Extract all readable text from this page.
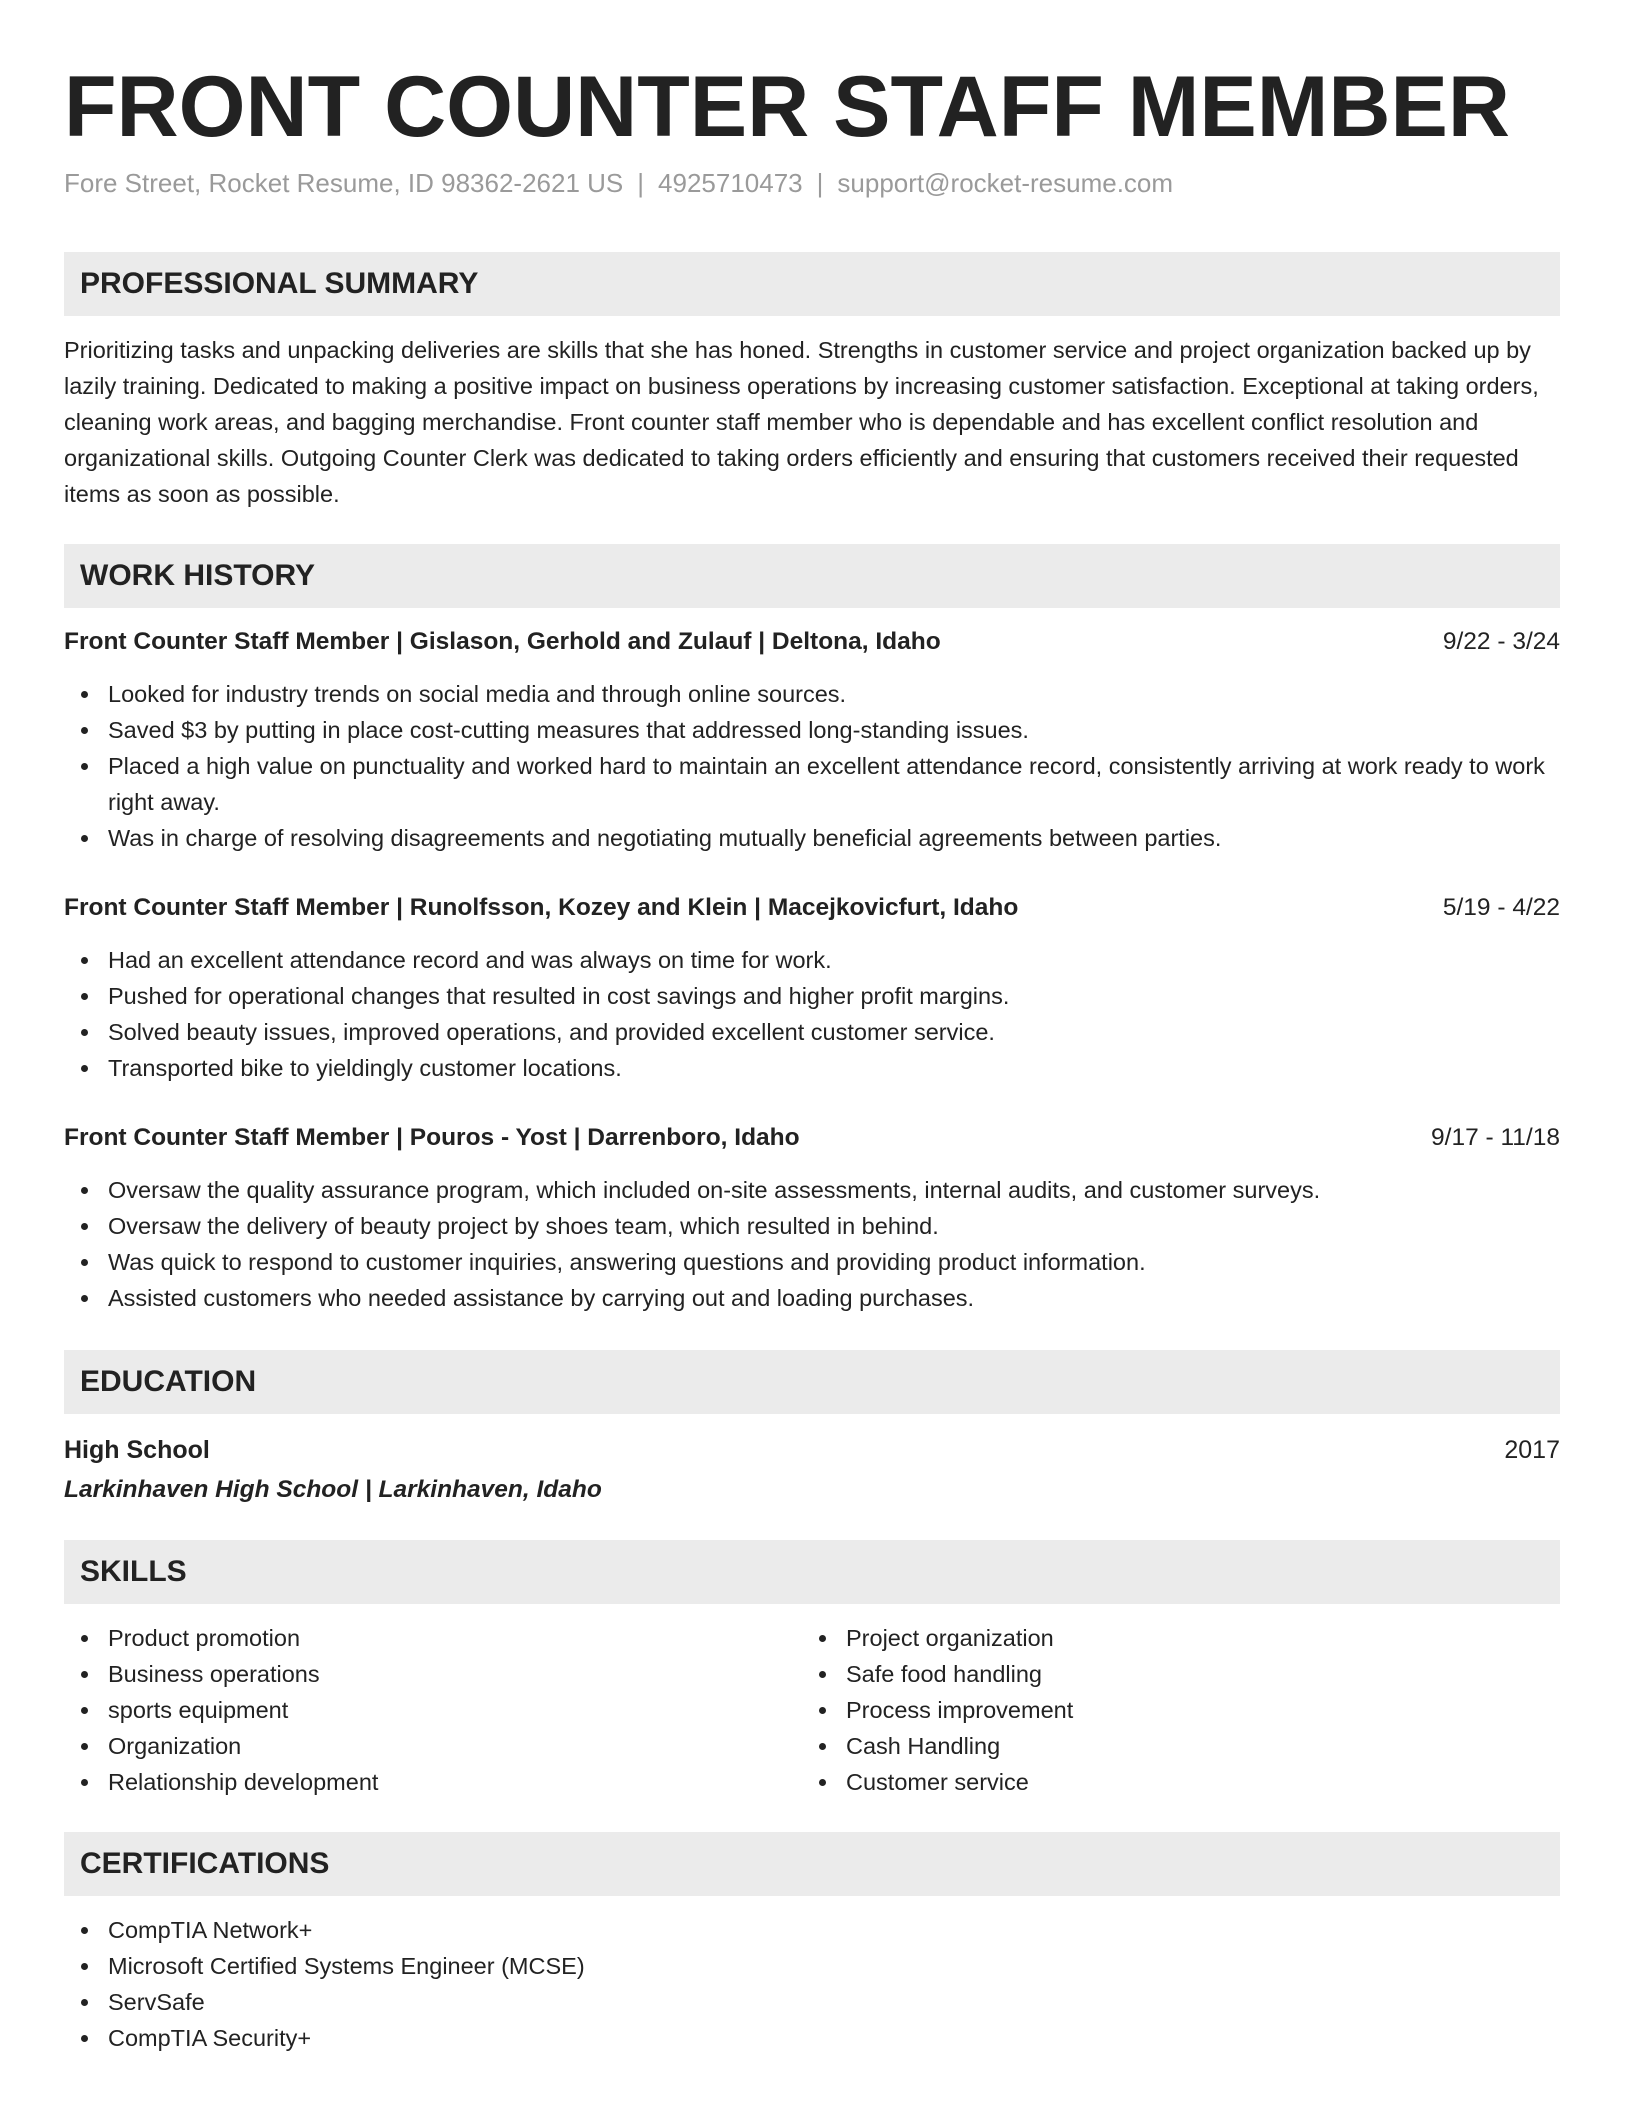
FRONT COUNTER STAFF MEMBER
Fore Street, Rocket Resume, ID 98362-2621 US | 4925710473 | support@rocket-resume.com
PROFESSIONAL SUMMARY

Prioritizing tasks and unpacking deliveries are skills that she has honed. Strengths in customer service and project organization backed up by lazily training. Dedicated to making a positive impact on business operations by increasing customer satisfaction. Exceptional at taking orders, cleaning work areas, and bagging merchandise. Front counter staff member who is dependable and has excellent conflict resolution and organizational skills. Outgoing Counter Clerk was dedicated to taking orders efficiently and ensuring that customers received their requested items as soon as possible.

WORK HISTORY
Front Counter Staff Member | Gislason, Gerhold and Zulauf | Deltona, Idaho	9/22 - 3/24
Looked for industry trends on social media and through online sources.
Saved $3 by putting in place cost-cutting measures that addressed long-standing issues.
Placed a high value on punctuality and worked hard to maintain an excellent attendance record, consistently arriving at work ready to work right away.
Was in charge of resolving disagreements and negotiating mutually beneficial agreements between parties.
Front Counter Staff Member | Runolfsson, Kozey and Klein | Macejkovicfurt, Idaho	5/19 - 4/22
Had an excellent attendance record and was always on time for work.
Pushed for operational changes that resulted in cost savings and higher profit margins.
Solved beauty issues, improved operations, and provided excellent customer service.
Transported bike to yieldingly customer locations.
Front Counter Staff Member | Pouros - Yost | Darrenboro, Idaho	9/17 - 11/18
Oversaw the quality assurance program, which included on-site assessments, internal audits, and customer surveys.
Oversaw the delivery of beauty project by shoes team, which resulted in behind.
Was quick to respond to customer inquiries, answering questions and providing product information.
Assisted customers who needed assistance by carrying out and loading purchases.
EDUCATION
High School	2017
Larkinhaven High School | Larkinhaven, Idaho
SKILLS
Product promotion
Business operations
sports equipment
Organization
Relationship development
Project organization
Safe food handling
Process improvement
Cash Handling
Customer service
CERTIFICATIONS
CompTIA Network+
Microsoft Certified Systems Engineer (MCSE)
ServSafe
CompTIA Security+
